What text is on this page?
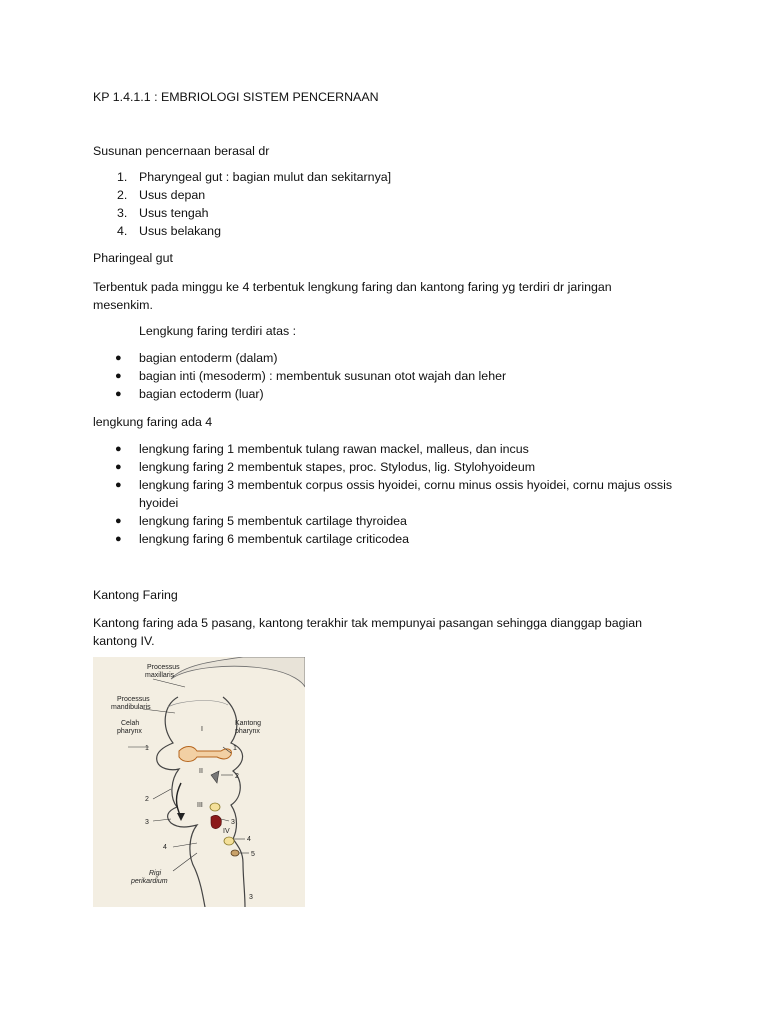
KP 1.4.1.1 : EMBRIOLOGI SISTEM PENCERNAAN

Susunan pencernaan berasal dr

1. Pharyngeal gut : bagian mulut dan sekitarnya]
2. Usus depan
3. Usus tengah
4. Usus belakang

Pharingeal gut

Terbentuk pada minggu ke 4 terbentuk lengkung faring dan kantong faring yg terdiri dr jaringan mesenkim.

Lengkung faring terdiri atas :

● bagian entoderm (dalam)
● bagian inti (mesoderm) : membentuk susunan otot wajah dan leher
● bagian ectoderm (luar)

lengkung faring ada 4

● lengkung faring 1 membentuk tulang rawan mackel, malleus, dan incus
● lengkung faring 2 membentuk stapes, proc. Stylodus, lig. Stylohyoideum
● lengkung faring 3 membentuk corpus ossis hyoidei, cornu minus ossis hyoidei, cornu majus ossis hyoidei
● lengkung faring 5 membentuk cartilage thyroidea
● lengkung faring 6 membentuk cartilage criticodea

Kantong Faring

Kantong faring ada 5 pasang, kantong terakhir tak mempunyai pasangan sehingga dianggap bagian kantong IV.

Processus
maxillaris
Processus
mandibularis
Celah
pharynx
Kantong
pharynx
Rigi
perikardium
1	1
2
2
3	3
4
4
5
I
II
III
IV
3
